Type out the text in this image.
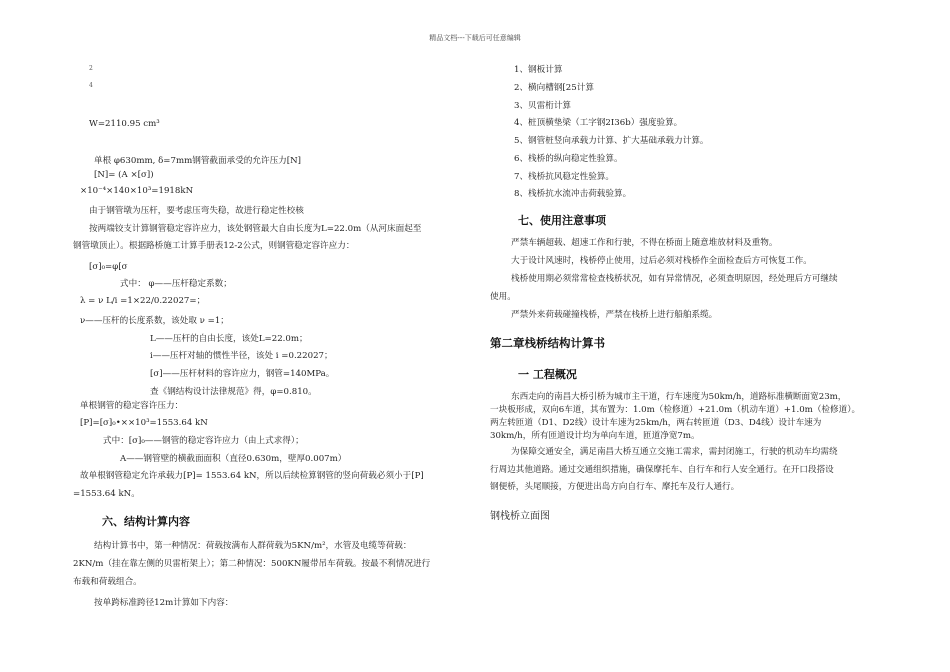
精品文档---下载后可任意编辑
2
4
W=2110.95 cm³
单根 φ630mm, δ=7mm钢管截面承受的允许压力[N]
[N]= (A ×[σ])
×10⁻⁴×140×10³=1918kN
由于钢管墩为压杆，要考虑压弯失稳，故进行稳定性校核
按两端铰支计算钢管稳定容许应力，该处钢管最大自由长度为L=22.0m（从河床面起至
钢管墩顶止）。根据路桥施工计算手册表12-2公式，则钢管稳定容许应力：
[σ]₀=φ[σ
式中： φ——压杆稳定系数；
λ = ν L/i =1×22/0.22027=；
ν——压杆的长度系数，该处取 ν =1；
L——压杆的自由长度，该处L=22.0m；
i——压杆对轴的惯性半径，该处 i =0.22027；
[σ]——压杆材料的容许应力，钢管=140MPa。
查《钢结构设计法律规范》得，φ=0.810。
单根钢管的稳定容许压力：
[P]=[σ]₀•××10³=1553.64 kN
式中：[σ]₀——钢管的稳定容许应力（由上式求得）；
A——钢管壁的横截面面积（直径0.630m，壁厚0.007m）
故单根钢管稳定允许承载力[P]= 1553.64 kN，所以后续检算钢管的竖向荷载必须小于[P]
=1553.64 kN。
六、结构计算内容
结构计算书中，第一种情况：荷载按满布人群荷载为5KN/m²，水管及电缆等荷载：
2KN/m（挂在靠左侧的贝雷桁架上）；第二种情况：500KN履带吊车荷载。按最不利情况进行
布载和荷载组合。
按单跨标准跨径12m计算如下内容：
1、钢板计算
2、横向槽钢[25计算
3、贝雷桁计算
4、桩顶横垫梁（工字钢2I36b）强度验算。
5、钢管桩竖向承载力计算、扩大基础承载力计算。
6、栈桥的纵向稳定性验算。
7、栈桥抗风稳定性验算。
8、栈桥抗水流冲击荷载验算。
七、使用注意事项
严禁车辆超载、超速工作和行驶，不得在桥面上随意堆放材料及重物。
大于设计风速时，栈桥停止使用，过后必须对栈桥作全面检查后方可恢复工作。
栈桥使用期必须常常检查栈桥状况，如有异常情况，必须查明原因，经处理后方可继续
使用。
严禁外来荷载碰撞栈桥，严禁在栈桥上进行船舶系缆。
第二章栈桥结构计算书
一 工程概况
东西走向的南昌大桥引桥为城市主干道，行车速度为50km/h，道路标准横断面宽23m，
一块板形成，双向6车道，其布置为：1.0m（检修道）+21.0m（机动车道）+1.0m（检修道）。
两左转匝道（D1、D2线）设计车速为25km/h，两右转匝道（D3、D4线）设计车速为
30km/h，所有匝道设计均为单向车道，匝道净宽7m。
为保障交通安全，满足南昌大桥互通立交施工需求，需封闭施工，行驶的机动车均需绕
行周边其他道路。通过交通组织措施，确保摩托车、自行车和行人安全通行。在开口段搭设
钢便桥，头尾顺接，方便进出岛方向自行车、摩托车及行人通行。
钢栈桥立面图
